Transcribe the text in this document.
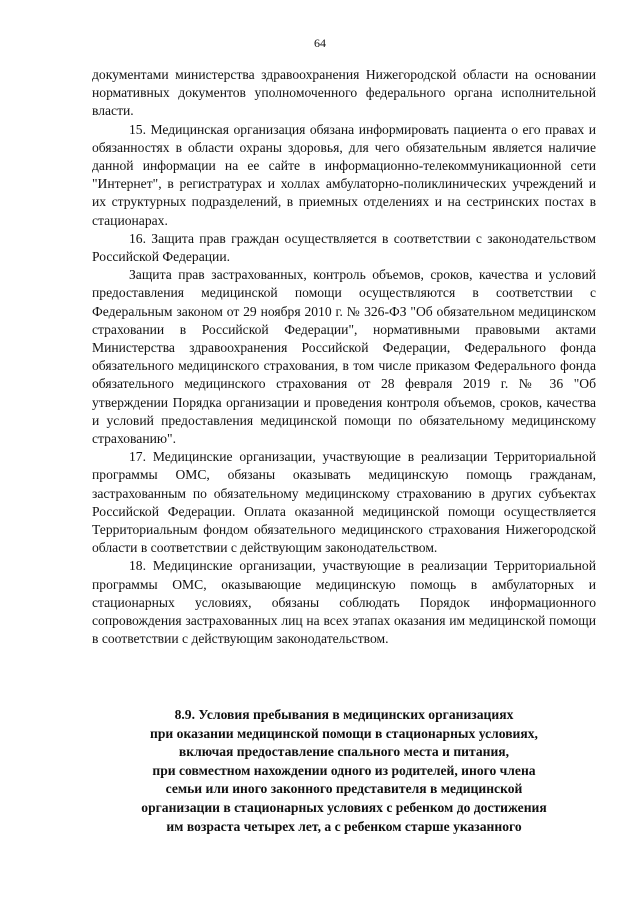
64

документами министерства здравоохранения Нижегородской области на основании нормативных документов уполномоченного федерального органа исполнительной власти.

15. Медицинская организация обязана информировать пациента о его правах и обязанностях в области охраны здоровья, для чего обязательным является наличие данной информации на ее сайте в информационно-телекоммуникационной сети "Интернет", в регистратурах и холлах амбулаторно-поликлинических учреждений и их структурных подразделений, в приемных отделениях и на сестринских постах в стационарах.

16. Защита прав граждан осуществляется в соответствии с законодательством Российской Федерации.

Защита прав застрахованных, контроль объемов, сроков, качества и условий предоставления медицинской помощи осуществляются в соответствии с Федеральным законом от 29 ноября 2010 г. № 326-ФЗ "Об обязательном медицинском страховании в Российской Федерации", нормативными правовыми актами Министерства здравоохранения Российской Федерации, Федерального фонда обязательного медицинского страхования, в том числе приказом Федерального фонда обязательного медицинского страхования от 28 февраля 2019 г. № 36 "Об утверждении Порядка организации и проведения контроля объемов, сроков, качества и условий предоставления медицинской помощи по обязательному медицинскому страхованию".

17. Медицинские организации, участвующие в реализации Территориальной программы ОМС, обязаны оказывать медицинскую помощь гражданам, застрахованным по обязательному медицинскому страхованию в других субъектах Российской Федерации. Оплата оказанной медицинской помощи осуществляется Территориальным фондом обязательного медицинского страхования Нижегородской области в соответствии с действующим законодательством.

18. Медицинские организации, участвующие в реализации Территориальной программы ОМС, оказывающие медицинскую помощь в амбулаторных и стационарных условиях, обязаны соблюдать Порядок информационного сопровождения застрахованных лиц на всех этапах оказания им медицинской помощи в соответствии с действующим законодательством.

8.9. Условия пребывания в медицинских организациях
при оказании медицинской помощи в стационарных условиях,
включая предоставление спального места и питания,
при совместном нахождении одного из родителей, иного члена
семьи или иного законного представителя в медицинской
организации в стационарных условиях с ребенком до достижения
им возраста четырех лет, а с ребенком старше указанного
